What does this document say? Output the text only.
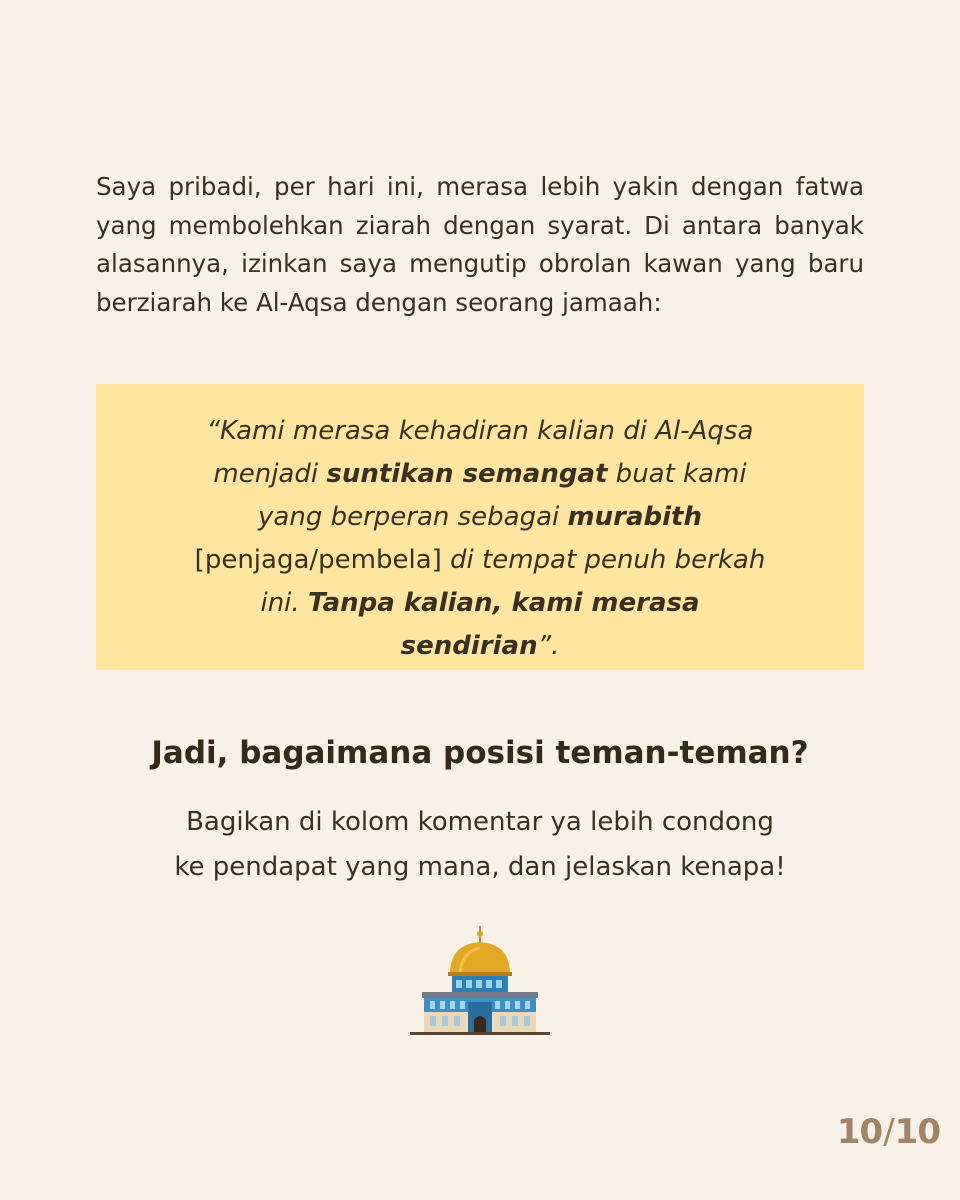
Saya pribadi, per hari ini, merasa lebih yakin dengan fatwa yang membolehkan ziarah dengan syarat. Di antara banyak alasannya, izinkan saya mengutip obrolan kawan yang baru berziarah ke Al-Aqsa dengan seorang jamaah:

“Kami merasa kehadiran kalian di Al-Aqsa menjadi suntikan semangat buat kami yang berperan sebagai murabith [penjaga/pembela] di tempat penuh berkah ini. Tanpa kalian, kami merasa sendirian”.

Jadi, bagaimana posisi teman-teman?

Bagikan di kolom komentar ya lebih condong
ke pendapat yang mana, dan jelaskan kenapa!

10/10
